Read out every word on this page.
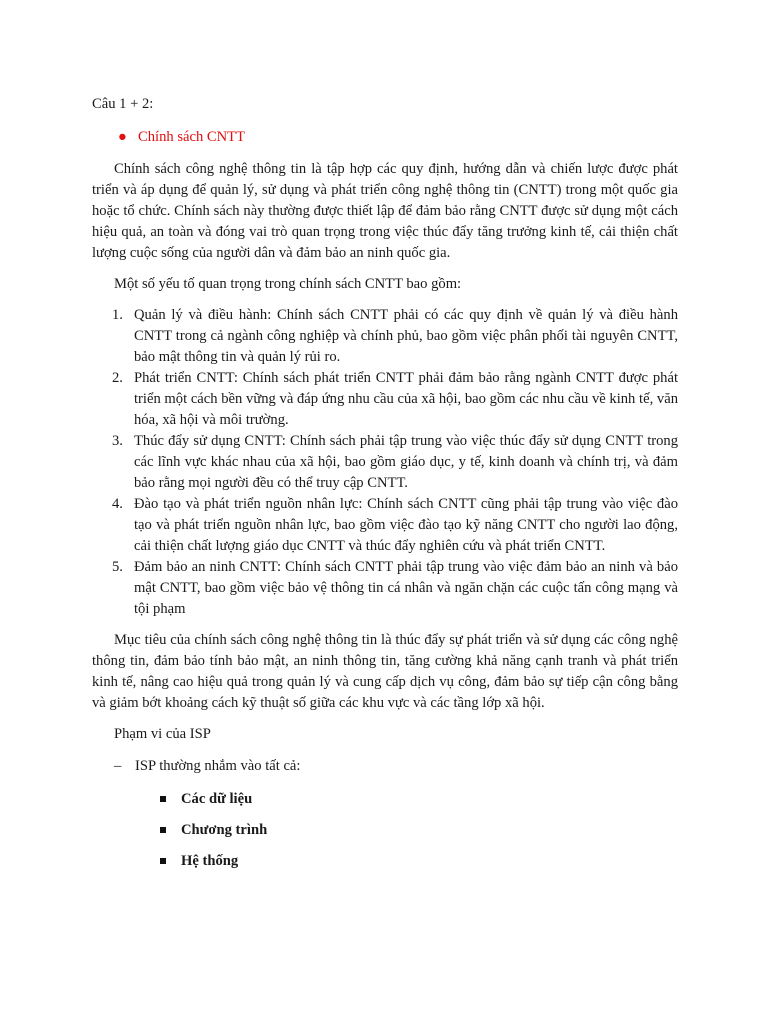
Câu 1 + 2:

● Chính sách CNTT

Chính sách công nghệ thông tin là tập hợp các quy định, hướng dẫn và chiến lược được phát triển và áp dụng để quản lý, sử dụng và phát triển công nghệ thông tin (CNTT) trong một quốc gia hoặc tổ chức. Chính sách này thường được thiết lập để đảm bảo rằng CNTT được sử dụng một cách hiệu quả, an toàn và đóng vai trò quan trọng trong việc thúc đẩy tăng trưởng kinh tế, cải thiện chất lượng cuộc sống của người dân và đảm bảo an ninh quốc gia.

Một số yếu tố quan trọng trong chính sách CNTT bao gồm:

1. Quản lý và điều hành: Chính sách CNTT phải có các quy định về quản lý và điều hành CNTT trong cả ngành công nghiệp và chính phủ, bao gồm việc phân phối tài nguyên CNTT, bảo mật thông tin và quản lý rủi ro.
2. Phát triển CNTT: Chính sách phát triển CNTT phải đảm bảo rằng ngành CNTT được phát triển một cách bền vững và đáp ứng nhu cầu của xã hội, bao gồm các nhu cầu về kinh tế, văn hóa, xã hội và môi trường.
3. Thúc đẩy sử dụng CNTT: Chính sách phải tập trung vào việc thúc đẩy sử dụng CNTT trong các lĩnh vực khác nhau của xã hội, bao gồm giáo dục, y tế, kinh doanh và chính trị, và đảm bảo rằng mọi người đều có thể truy cập CNTT.
4. Đào tạo và phát triển nguồn nhân lực: Chính sách CNTT cũng phải tập trung vào việc đào tạo và phát triển nguồn nhân lực, bao gồm việc đào tạo kỹ năng CNTT cho người lao động, cải thiện chất lượng giáo dục CNTT và thúc đẩy nghiên cứu và phát triển CNTT.
5. Đảm bảo an ninh CNTT: Chính sách CNTT phải tập trung vào việc đảm bảo an ninh và bảo mật CNTT, bao gồm việc bảo vệ thông tin cá nhân và ngăn chặn các cuộc tấn công mạng và tội phạm

Mục tiêu của chính sách công nghệ thông tin là thúc đẩy sự phát triển và sử dụng các công nghệ thông tin, đảm bảo tính bảo mật, an ninh thông tin, tăng cường khả năng cạnh tranh và phát triển kinh tế, nâng cao hiệu quả trong quản lý và cung cấp dịch vụ công, đảm bảo sự tiếp cận công bằng và giảm bớt khoảng cách kỹ thuật số giữa các khu vực và các tầng lớp xã hội.

Phạm vi của ISP

– ISP thường nhắm vào tất cả:
Các dữ liệu
Chương trình
Hệ thống
